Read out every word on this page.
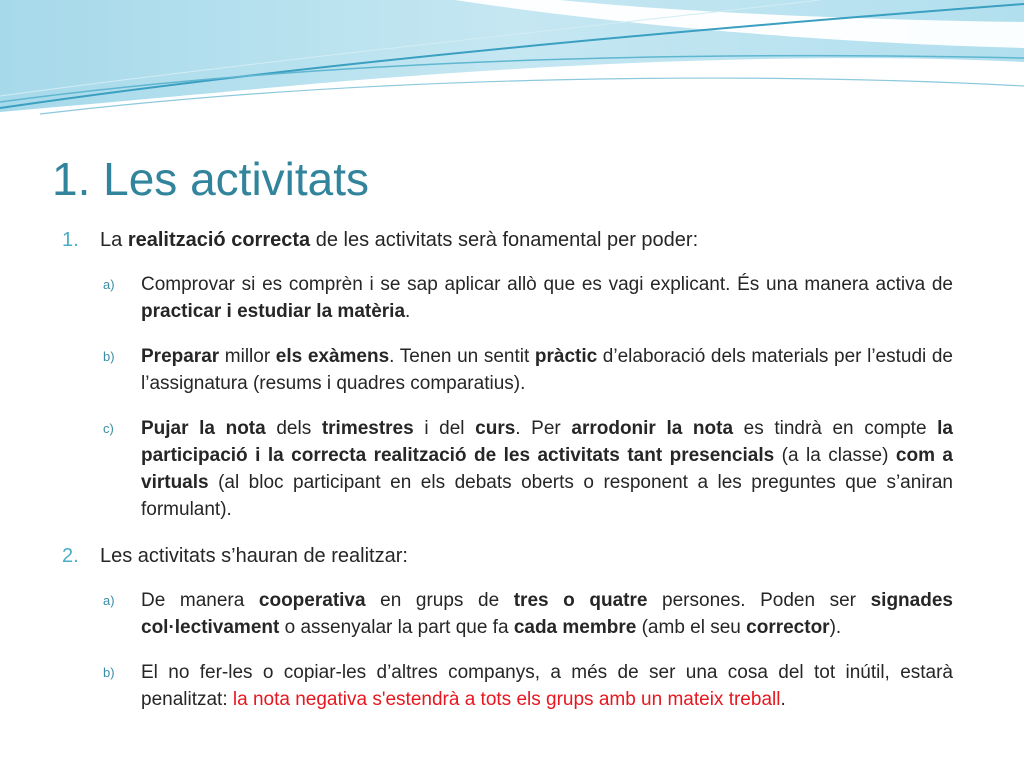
1. Les activitats
1. La realització correcta de les activitats serà fonamental per poder:
a) Comprovar si es comprèn i se sap aplicar allò que es vagi explicant. És una manera activa de practicar i estudiar la matèria.
b) Preparar millor els exàmens. Tenen un sentit pràctic d’elaboració dels materials per l’estudi de l’assignatura (resums i quadres comparatius).
c) Pujar la nota dels trimestres i del curs. Per arrodonir la nota es tindrà en compte la participació i la correcta realització de les activitats tant presencials (a la classe) com a virtuals (al bloc participant en els debats oberts o responent a les preguntes que s’aniran formulant).
2. Les activitats s’hauran de realitzar:
a) De manera cooperativa en grups de tres o quatre persones. Poden ser signades col·lectivament o assenyalar la part que fa cada membre (amb el seu corrector).
b) El no fer-les o copiar-les d’altres companys, a més de ser una cosa del tot inútil, estarà penalitzat: la nota negativa s'estendrà a tots els grups amb un mateix treball.
